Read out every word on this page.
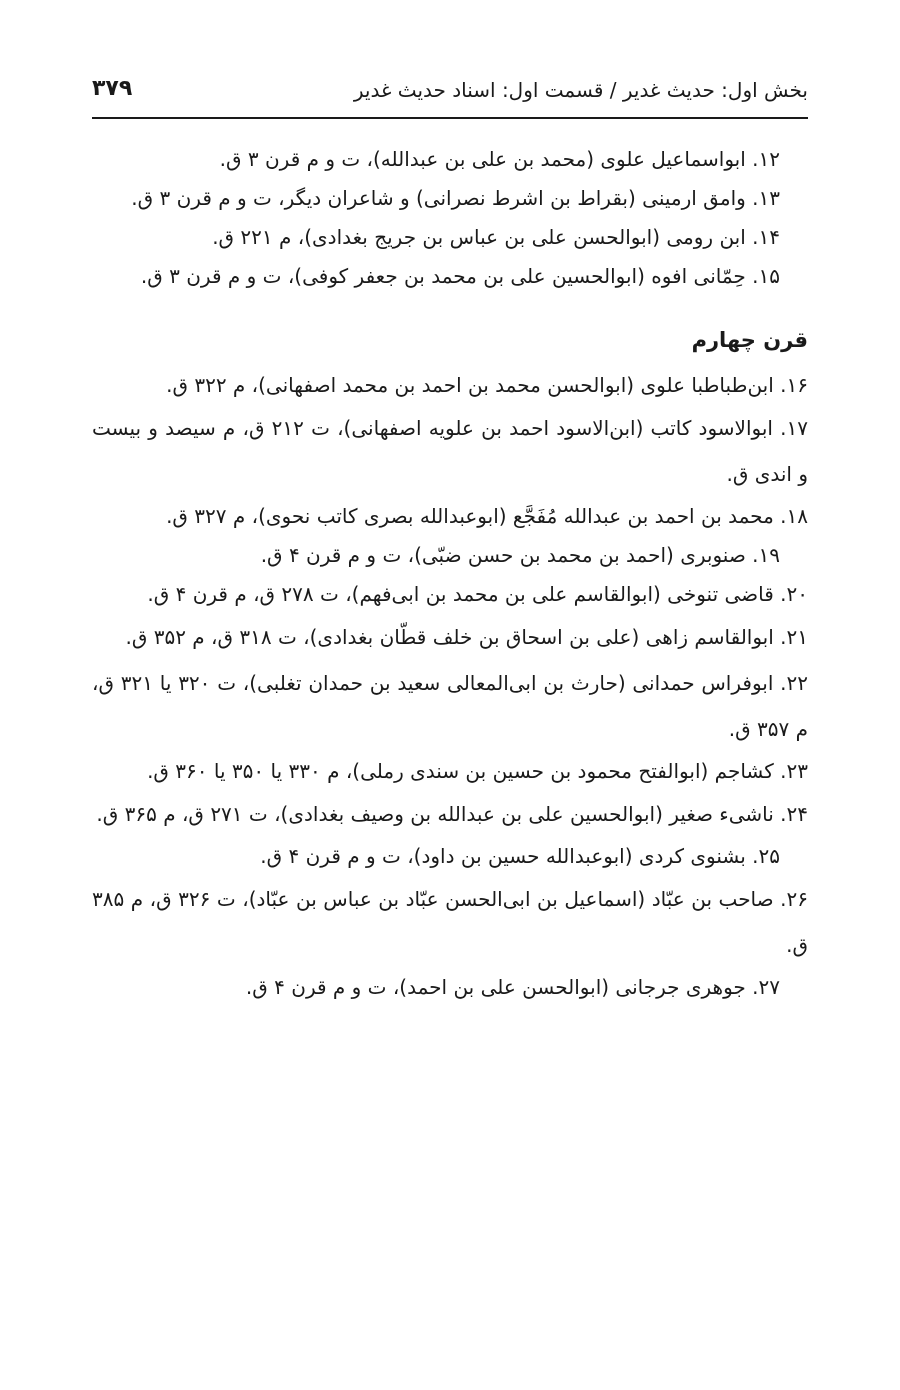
بخش اول: حدیث غدیر / قسمت اول: اسناد حدیث غدیر
۳۷۹
۱۲. ابواسماعیل علوی (محمد بن علی بن عبدالله)، ت و م قرن ۳ ق.
۱۳. وامق ارمینی (بقراط بن اشرط نصرانی) و شاعران دیگر، ت و م قرن ۳ ق.
۱۴. ابن رومی (ابوالحسن علی بن عباس بن جریج بغدادی)، م ۲۲۱ ق.
۱۵. حِمّانی افوه (ابوالحسین علی بن محمد بن جعفر کوفی)، ت و م قرن ۳ ق.
قرن چهارم
۱۶. ابن‌طباطبا علوی (ابوالحسن محمد بن احمد بن محمد اصفهانی)، م ۳۲۲ ق.
۱۷. ابوالاسود کاتب (ابن‌الاسود احمد بن علویه اصفهانی)، ت ۲۱۲ ق، م سیصد و بیست و اندی ق.
۱۸. محمد بن احمد بن عبدالله مُفَجَّع (ابوعبدالله بصری کاتب نحوی)، م ۳۲۷ ق.
۱۹. صنوبری (احمد بن محمد بن حسن ضبّی)، ت و م قرن ۴ ق.
۲۰. قاضی تنوخی (ابوالقاسم علی بن محمد بن ابی‌فهم)، ت ۲۷۸ ق، م قرن ۴ ق.
۲۱. ابوالقاسم زاهی (علی بن اسحاق بن خلف قطّان بغدادی)، ت ۳۱۸ ق، م ۳۵۲ ق.
۲۲. ابوفراس حمدانی (حارث بن ابی‌المعالی سعید بن حمدان تغلبی)، ت ۳۲۰ یا ۳۲۱ ق، م ۳۵۷ ق.
۲۳. کشاجم (ابوالفتح محمود بن حسین بن سندی رملی)، م ۳۳۰ یا ۳۵۰ یا ۳۶۰ ق.
۲۴. ناشیء صغیر (ابوالحسین علی بن عبدالله بن وصیف بغدادی)، ت ۲۷۱ ق، م ۳۶۵ ق.
۲۵. بشنوی کردی (ابوعبدالله حسین بن داود)، ت و م قرن ۴ ق.
۲۶. صاحب بن عبّاد (اسماعیل بن ابی‌الحسن عبّاد بن عباس بن عبّاد)، ت ۳۲۶ ق، م ۳۸۵ ق.
۲۷. جوهری جرجانی (ابوالحسن علی بن احمد)، ت و م قرن ۴ ق.
